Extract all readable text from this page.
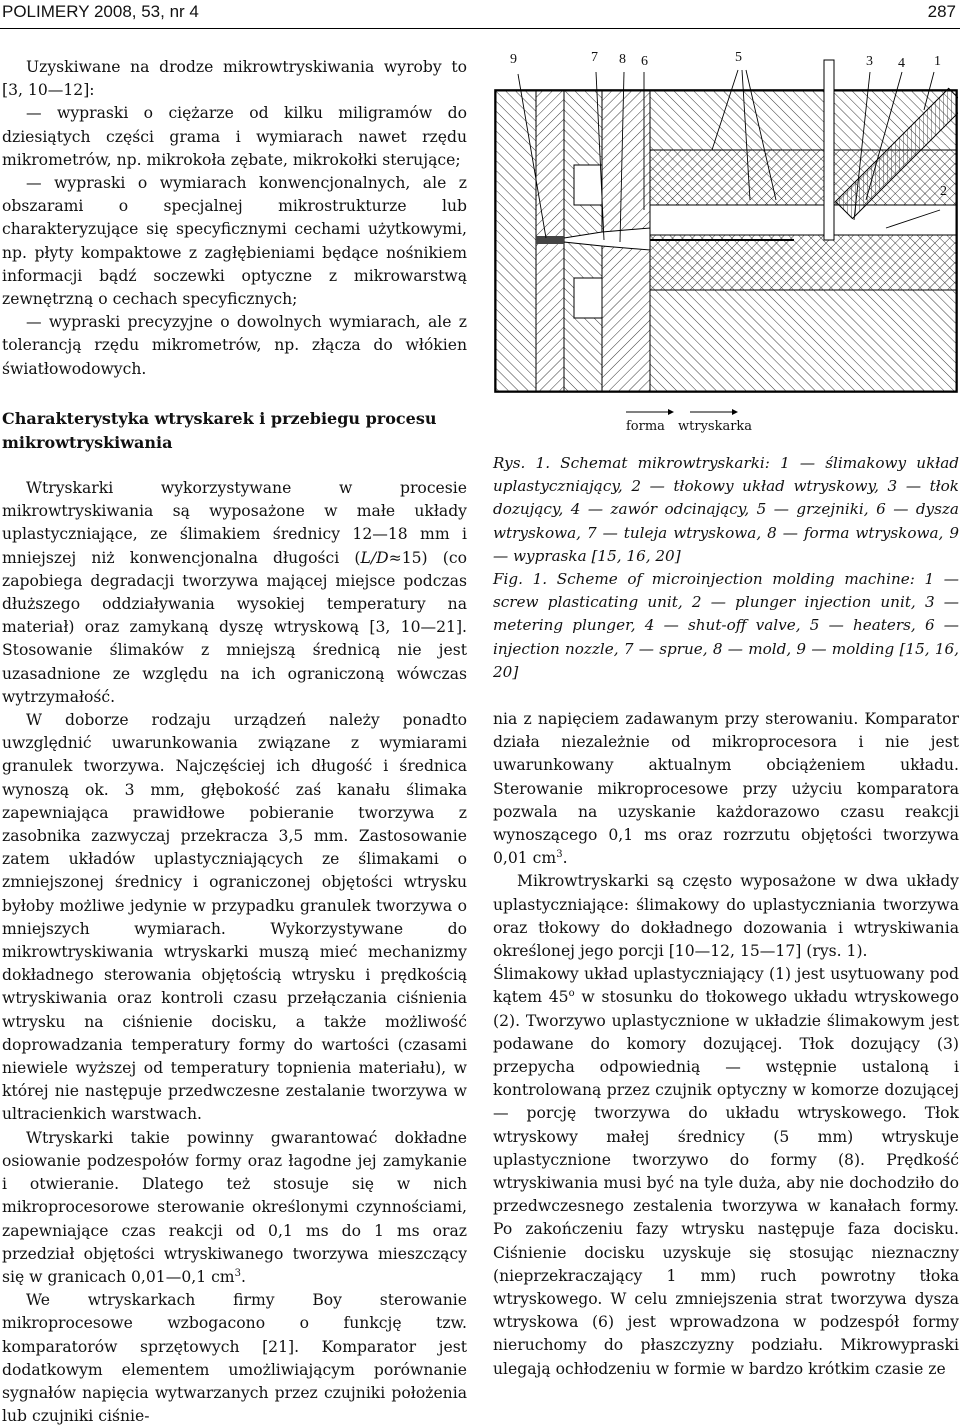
POLIMERY 2008, 53, nr 4	287

Uzyskiwane na drodze mikrowtryskiwania wyroby to [3, 10—12]:

— wypraski o ciężarze od kilku miligramów do dziesiątych części grama i wymiarach nawet rzędu mikrometrów, np. mikrokoła zębate, mikrokołki sterujące;

— wypraski o wymiarach konwencjonalnych, ale z obszarami o specjalnej mikrostrukturze lub charakteryzujące się specyficznymi cechami użytkowymi, np. płyty kompaktowe z zagłębieniami będące nośnikiem informacji bądź soczewki optyczne z mikrowarstwą zewnętrzną o cechach specyficznych;

— wypraski precyzyjne o dowolnych wymiarach, ale z tolerancją rzędu mikrometrów, np. złącza do włókien światłowodowych.

Charakterystyka wtryskarek i przebiegu procesu mikrowtryskiwania

Wtryskarki wykorzystywane w procesie mikrowtryskiwania są wyposażone w małe układy uplastyczniające, ze ślimakiem średnicy 12—18 mm i mniejszej niż konwencjonalna długości (L/D≈15) (co zapobiega degradacji tworzywa mającej miejsce podczas dłuższego oddziaływania wysokiej temperatury na materiał) oraz zamykaną dyszę wtryskową [3, 10—21]. Stosowanie ślimaków z mniejszą średnicą nie jest uzasadnione ze względu na ich ograniczoną wówczas wytrzymałość.

W doborze rodzaju urządzeń należy ponadto uwzględnić uwarunkowania związane z wymiarami granulek tworzywa. Najczęściej ich długość i średnica wynoszą ok. 3 mm, głębokość zaś kanału ślimaka zapewniająca prawidłowe pobieranie tworzywa z zasobnika zazwyczaj przekracza 3,5 mm. Zastosowanie zatem układów uplastyczniających ze ślimakami o zmniejszonej średnicy i ograniczonej objętości wtrysku byłoby możliwe jedynie w przypadku granulek tworzywa o mniejszych wymiarach. Wykorzystywane do mikrowtryskiwania wtryskarki muszą mieć mechanizmy dokładnego sterowania objętością wtrysku i prędkością wtryskiwania oraz kontroli czasu przełączania ciśnienia wtrysku na ciśnienie docisku, a także możliwość doprowadzania temperatury formy do wartości (czasami niewiele wyższej od temperatury topnienia materiału), w której nie następuje przedwczesne zestalanie tworzywa w ultracienkich warstwach.

Wtryskarki takie powinny gwarantować dokładne osiowanie podzespołów formy oraz łagodne jej zamykanie i otwieranie. Dlatego też stosuje się w nich mikroprocesorowe sterowanie określonymi czynnościami, zapewniające czas reakcji od 0,1 ms do 1 ms oraz przedział objętości wtryskiwanego tworzywa mieszczący się w granicach 0,01—0,1 $cm^3$.

We wtryskarkach firmy Boy sterowanie mikroprocesowe wzbogacono o funkcję tzw. komparatorów sprzętowych [21]. Komparator jest dodatkowym elementem umożliwiającym porównanie sygnałów napięcia wytwarzanych przez czujniki położenia lub czujniki ciśnie-

9	7 8 6	5	3 4 1
2
forma wtryskarka

Rys. 1. Schemat mikrowtryskarki: 1 — ślimakowy układ uplastyczniający, 2 — tłokowy układ wtryskowy, 3 — tłok dozujący, 4 — zawór odcinający, 5 — grzejniki, 6 — dysza wtryskowa, 7 — tuleja wtryskowa, 8 — forma wtryskowa, 9 — wypraska [15, 16, 20]

Fig. 1. Scheme of microinjection molding machine: 1 — screw plasticating unit, 2 — plunger injection unit, 3 — metering plunger, 4 — shut-off valve, 5 — heaters, 6 — injection nozzle, 7 — sprue, 8 — mold, 9 — molding [15, 16, 20]

nia z napięciem zadawanym przy sterowaniu. Komparator działa niezależnie od mikroprocesora i nie jest uwarunkowany aktualnym obciążeniem układu. Sterowanie mikroprocesowe przy użyciu komparatora pozwala na uzyskanie każdorazowo czasu reakcji wynoszącego 0,1 ms oraz rozrzutu objętości tworzywa 0,01 $cm^3$.

Mikrowtryskarki są często wyposażone w dwa układy uplastyczniające: ślimakowy do uplastyczniania tworzywa oraz tłokowy do dokładnego dozowania i wtryskiwania określonej jego porcji [10—12, 15—17] (rys. 1).

Ślimakowy układ uplastyczniający (1) jest usytuowany pod kątem 45$^o$ w stosunku do tłokowego układu wtryskowego (2). Tworzywo uplastycznione w układzie ślimakowym jest podawane do komory dozującej. Tłok dozujący (3) przepycha odpowiednią — wstępnie ustaloną i kontrolowaną przez czujnik optyczny w komorze dozującej — porcję tworzywa do układu wtryskowego. Tłok wtryskowy małej średnicy (5 mm) wtryskuje uplastycznione tworzywo do formy (8). Prędkość wtryskiwania musi być na tyle duża, aby nie dochodziło do przedwczesnego zestalenia tworzywa w kanałach formy. Po zakończeniu fazy wtrysku następuje faza docisku. Ciśnienie docisku uzyskuje się stosując nieznaczny (nieprzekraczający 1 mm) ruch powrotny tłoka wtryskowego. W celu zmniejszenia strat tworzywa dysza wtryskowa (6) jest wprowadzona w podzespół formy nieruchomy do płaszczyzny podziału. Mikrowypraski ulegają ochłodzeniu w formie w bardzo krótkim czasie ze
